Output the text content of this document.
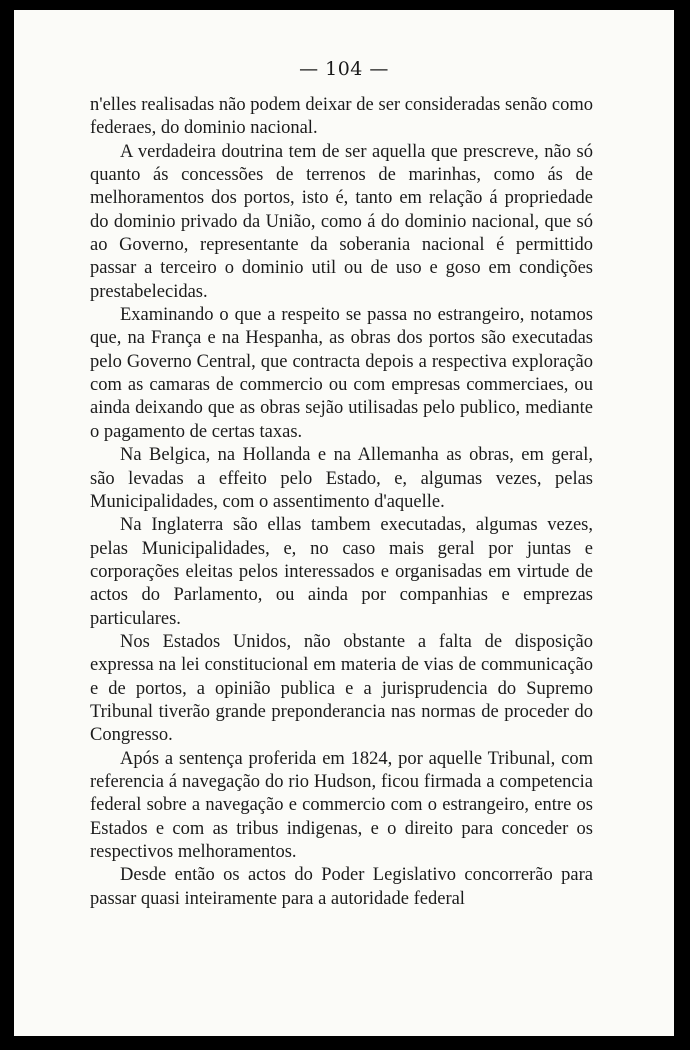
— 104 —

n'elles realisadas não podem deixar de ser consideradas senão como federaes, do dominio nacional.

A verdadeira doutrina tem de ser aquella que prescreve, não só quanto ás concessões de terrenos de marinhas, como ás de melhoramentos dos portos, isto é, tanto em relação á propriedade do dominio privado da União, como á do dominio nacional, que só ao Governo, representante da soberania nacional é permittido passar a terceiro o dominio util ou de uso e goso em condições prestabelecidas.

Examinando o que a respeito se passa no estrangeiro, notamos que, na França e na Hespanha, as obras dos portos são executadas pelo Governo Central, que contracta depois a respectiva exploração com as camaras de commercio ou com empresas commerciaes, ou ainda deixando que as obras sejão utilisadas pelo publico, mediante o pagamento de certas taxas.

Na Belgica, na Hollanda e na Allemanha as obras, em geral, são levadas a effeito pelo Estado, e, algumas vezes, pelas Municipalidades, com o assentimento d'aquelle.

Na Inglaterra são ellas tambem executadas, algumas vezes, pelas Municipalidades, e, no caso mais geral por juntas e corporações eleitas pelos interessados e organisadas em virtude de actos do Parlamento, ou ainda por companhias e emprezas particulares.

Nos Estados Unidos, não obstante a falta de disposição expressa na lei constitucional em materia de vias de communicação e de portos, a opinião publica e a jurisprudencia do Supremo Tribunal tiverão grande preponderancia nas normas de proceder do Congresso.

Após a sentença proferida em 1824, por aquelle Tribunal, com referencia á navegação do rio Hudson, ficou firmada a competencia federal sobre a navegação e commercio com o estrangeiro, entre os Estados e com as tribus indigenas, e o direito para conceder os respectivos melhoramentos.

Desde então os actos do Poder Legislativo concorrerão para passar quasi inteiramente para a autoridade federal
